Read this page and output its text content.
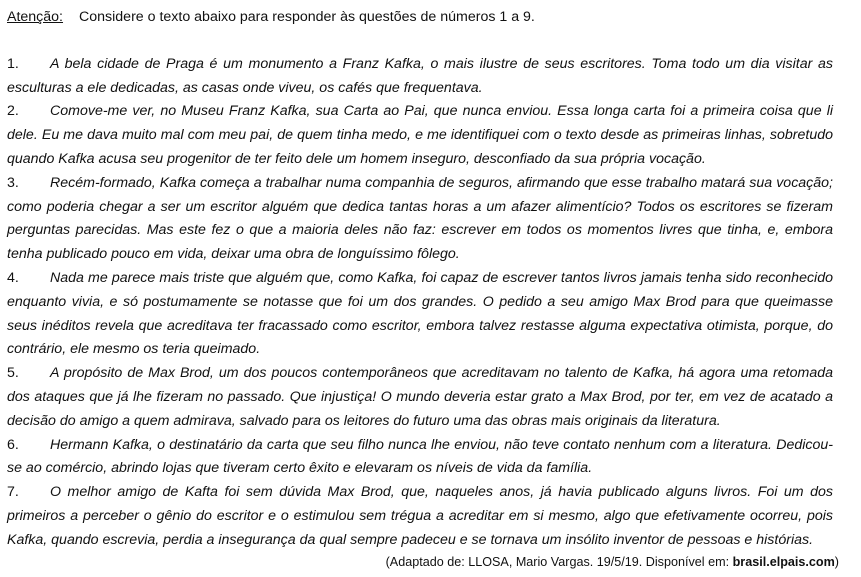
Atenção: Considere o texto abaixo para responder às questões de números 1 a 9.
1. A bela cidade de Praga é um monumento a Franz Kafka, o mais ilustre de seus escritores. Toma todo um dia visitar as esculturas a ele dedicadas, as casas onde viveu, os cafés que frequentava.
2. Comove-me ver, no Museu Franz Kafka, sua Carta ao Pai, que nunca enviou. Essa longa carta foi a primeira coisa que li dele. Eu me dava muito mal com meu pai, de quem tinha medo, e me identifiquei com o texto desde as primeiras linhas, sobretudo quando Kafka acusa seu progenitor de ter feito dele um homem inseguro, desconfiado da sua própria vocação.
3. Recém-formado, Kafka começa a trabalhar numa companhia de seguros, afirmando que esse trabalho matará sua vocação; como poderia chegar a ser um escritor alguém que dedica tantas horas a um afazer alimentício? Todos os escritores se fizeram perguntas parecidas. Mas este fez o que a maioria deles não faz: escrever em todos os momentos livres que tinha, e, embora tenha publicado pouco em vida, deixar uma obra de longuíssimo fôlego.
4. Nada me parece mais triste que alguém que, como Kafka, foi capaz de escrever tantos livros jamais tenha sido reconhecido enquanto vivia, e só postumamente se notasse que foi um dos grandes. O pedido a seu amigo Max Brod para que queimasse seus inéditos revela que acreditava ter fracassado como escritor, embora talvez restasse alguma expectativa otimista, porque, do contrário, ele mesmo os teria queimado.
5. A propósito de Max Brod, um dos poucos contemporâneos que acreditavam no talento de Kafka, há agora uma retomada dos ataques que já lhe fizeram no passado. Que injustiça! O mundo deveria estar grato a Max Brod, por ter, em vez de acatado a decisão do amigo a quem admirava, salvado para os leitores do futuro uma das obras mais originais da literatura.
6. Hermann Kafka, o destinatário da carta que seu filho nunca lhe enviou, não teve contato nenhum com a literatura. Dedicou-se ao comércio, abrindo lojas que tiveram certo êxito e elevaram os níveis de vida da família.
7. O melhor amigo de Kafta foi sem dúvida Max Brod, que, naqueles anos, já havia publicado alguns livros. Foi um dos primeiros a perceber o gênio do escritor e o estimulou sem trégua a acreditar em si mesmo, algo que efetivamente ocorreu, pois Kafka, quando escrevia, perdia a insegurança da qual sempre padeceu e se tornava um insólito inventor de pessoas e histórias.
(Adaptado de: LLOSA, Mario Vargas. 19/5/19. Disponível em: brasil.elpais.com)
